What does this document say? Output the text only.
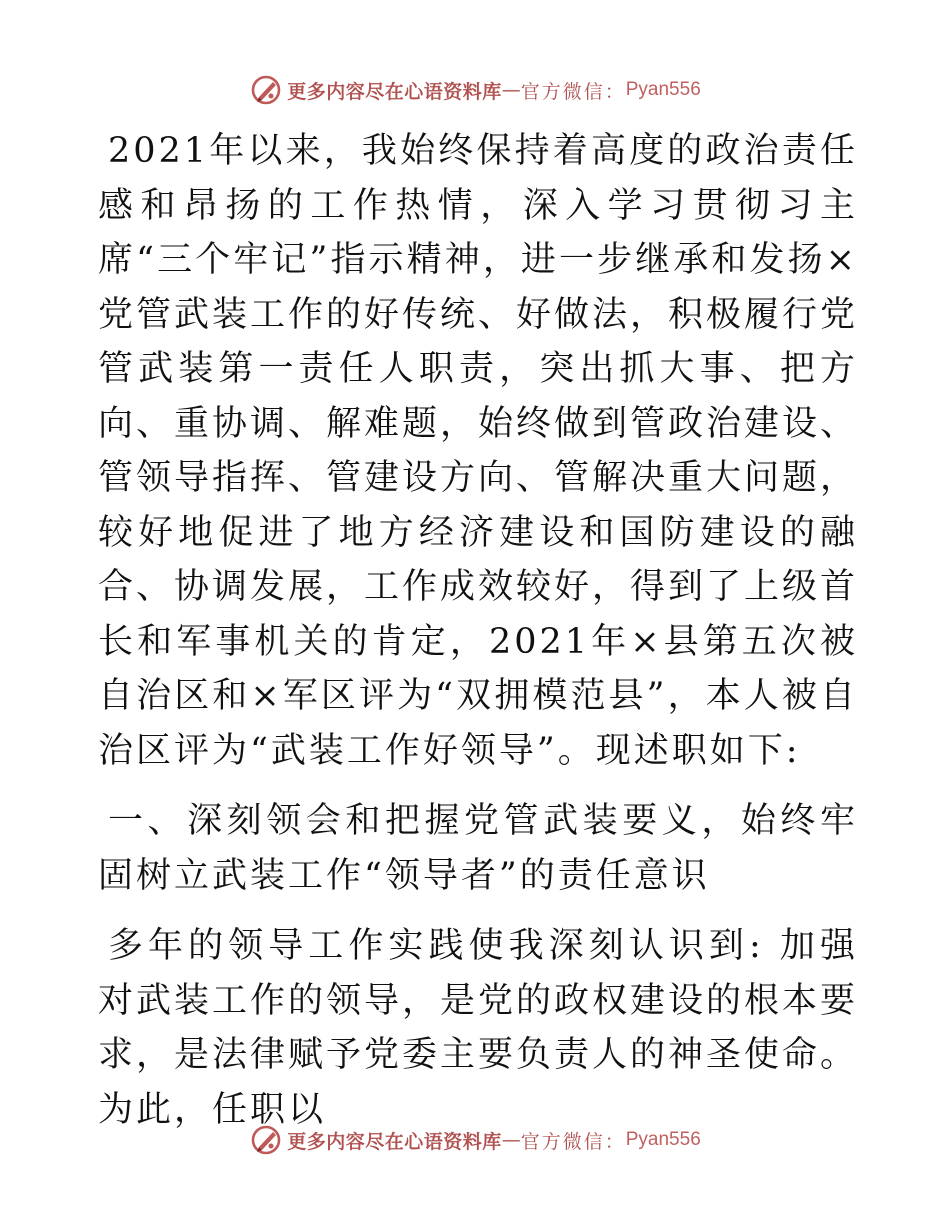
更多内容尽在心语资料库 — 官方微信： Pyan556

2021年以来，我始终保持着高度的政治责任感和昂扬的工作热情，深入学习贯彻习主席“三个牢记”指示精神，进一步继承和发扬×党管武装工作的好传统、好做法，积极履行党管武装第一责任人职责，突出抓大事、把方向、重协调、解难题，始终做到管政治建设、管领导指挥、管建设方向、管解决重大问题，较好地促进了地方经济建设和国防建设的融合、协调发展，工作成效较好，得到了上级首长和军事机关的肯定，2021年×县第五次被自治区和×军区评为“双拥模范县”，本人被自治区评为“武装工作好领导”。现述职如下:

一、深刻领会和把握党管武装要义，始终牢固树立武装工作“领导者”的责任意识

多年的领导工作实践使我深刻认识到: 加强对武装工作的领导，是党的政权建设的根本要求，是法律赋予党委主要负责人的神圣使命。为此，任职以

更多内容尽在心语资料库 — 官方微信： Pyan556
